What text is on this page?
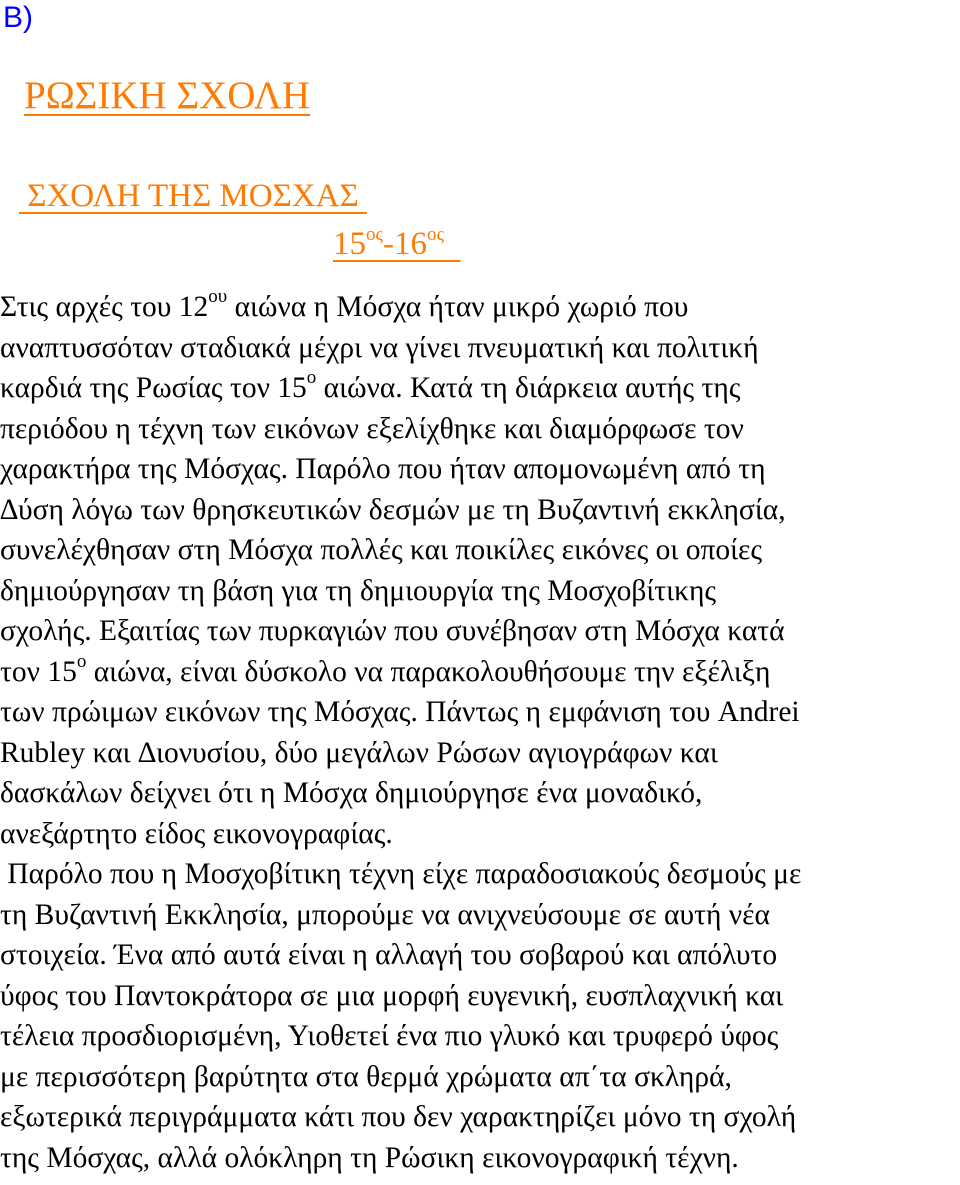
B)
ΡΩΣΙΚΗ ΣΧΟΛΗ
ΣΧΟΛΗ ΤΗΣ ΜΟΣΧΑΣ
$15^{o\varsigma}-16^{o\varsigma}$
Στις αρχές του $12^{o\upsilon}$ αιώνα η Μόσχα ήταν μικρό χωριό που
αναπτυσσόταν σταδιακά μέχρι να γίνει πνευματική και πολιτική
καρδιά της Ρωσίας τον $15^o$ αιώνα. Κατά τη διάρκεια αυτής της
περιόδου η τέχνη των εικόνων εξελίχθηκε και διαμόρφωσε τον
χαρακτήρα της Μόσχας. Παρόλο που ήταν απομονωμένη από τη
∆ύση λόγω των θρησκευτικών δεσμών με τη Βυζαντινή εκκλησία,
συνελέχθησαν στη Μόσχα πολλές και ποικίλες εικόνες οι οποίες
δημιούργησαν τη βάση για τη δημιουργία της Μοσχοβίτικης
σχολής. Εξαιτίας των πυρκαγιών που συνέβησαν στη Μόσχα κατά
τον $15^o$ αιώνα, είναι δύσκολο να παρακολουθήσουμε την εξέλιξη
των πρώιμων εικόνων της Μόσχας. Πάντως η εμφάνιση του Andrei
Rubley και ∆ιονυσίου, δύο μεγάλων Ρώσων αγιογράφων και
δασκάλων δείχνει ότι η Μόσχα δημιούργησε ένα μοναδικό,
ανεξάρτητο είδος εικονογραφίας.
Παρόλο που η Μοσχοβίτικη τέχνη είχε παραδοσιακούς δεσμούς με
τη Βυζαντινή Εκκλησία, μπορούμε να ανιχνεύσουμε σε αυτή νέα
στοιχεία. Ένα από αυτά είναι η αλλαγή του σοβαρού και απόλυτο
ύφος του Παντοκράτορα σε μια μορφή ευγενική, ευσπλαχνική και
τέλεια προσδιορισμένη, Υιοθετεί ένα πιο γλυκό και τρυφερό ύφος
με περισσότερη βαρύτητα στα θερμά χρώματα απ΄τα σκληρά,
εξωτερικά περιγράμματα κάτι που δεν χαρακτηρίζει μόνο τη σχολή
της Μόσχας, αλλά ολόκληρη τη Ρώσικη εικονογραφική τέχνη.
